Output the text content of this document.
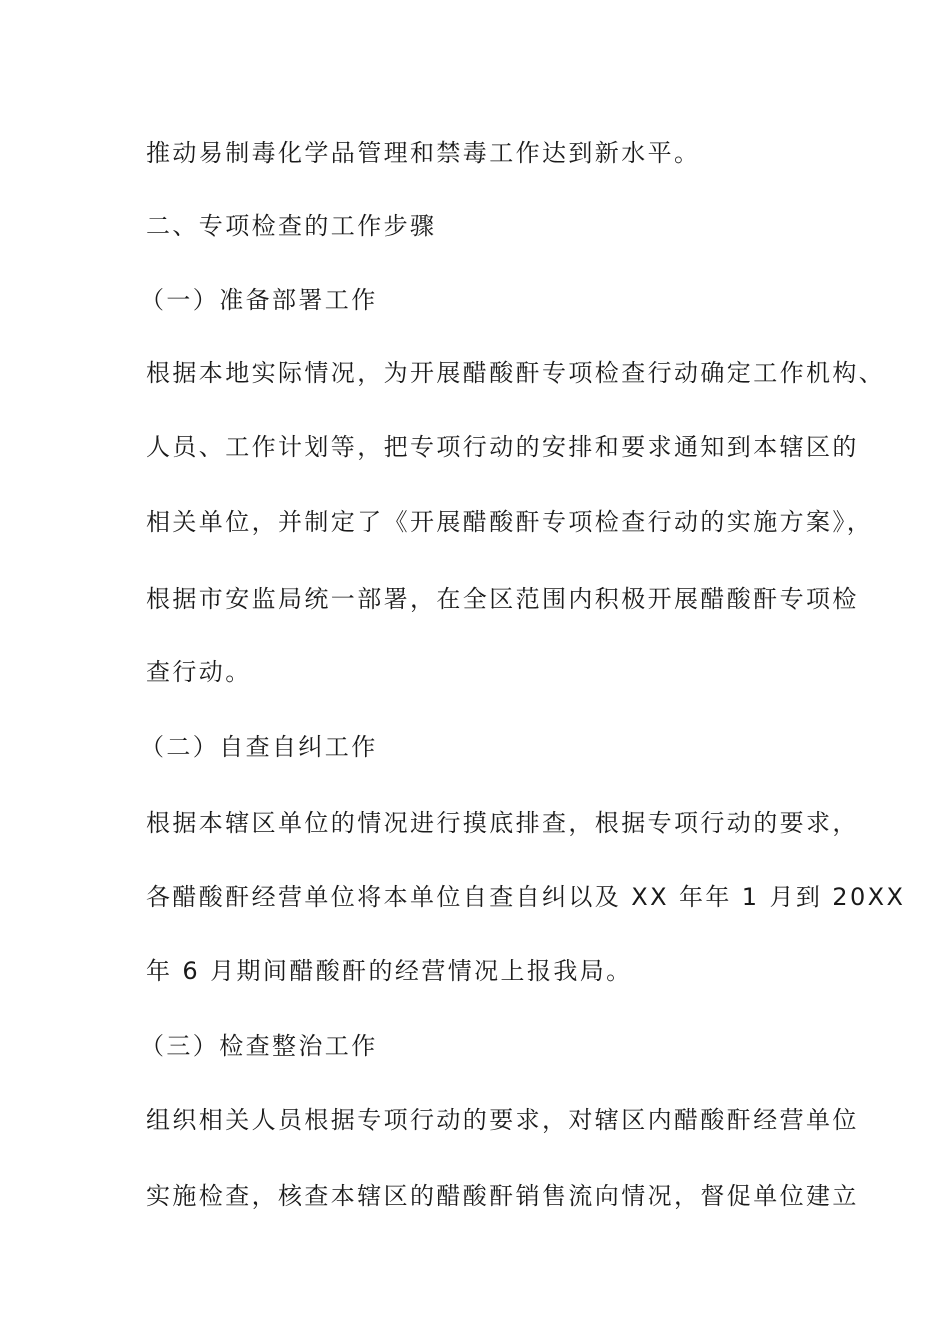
推动易制毒化学品管理和禁毒工作达到新水平。
二、专项检查的工作步骤
（一）准备部署工作
根据本地实际情况，为开展醋酸酐专项检查行动确定工作机构、
人员、工作计划等，把专项行动的安排和要求通知到本辖区的
相关单位，并制定了《开展醋酸酐专项检查行动的实施方案》，
根据市安监局统一部署，在全区范围内积极开展醋酸酐专项检
查行动。
（二）自查自纠工作
根据本辖区单位的情况进行摸底排查，根据专项行动的要求，
各醋酸酐经营单位将本单位自查自纠以及 XX 年年 1 月到 20XX
年 6 月期间醋酸酐的经营情况上报我局。
（三）检查整治工作
组织相关人员根据专项行动的要求，对辖区内醋酸酐经营单位
实施检查，核查本辖区的醋酸酐销售流向情况，督促单位建立
